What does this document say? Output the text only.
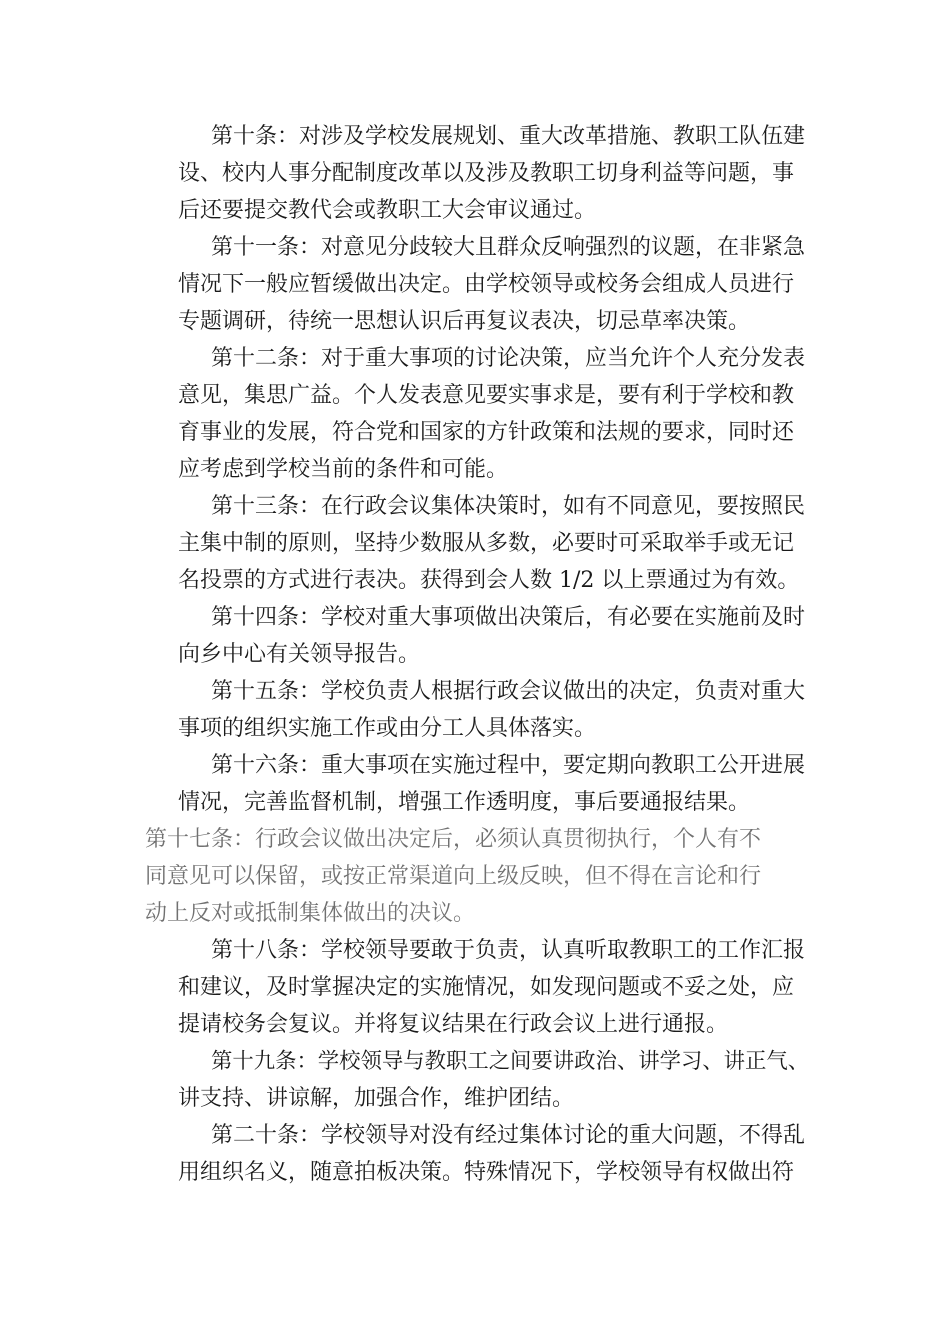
第十条：对涉及学校发展规划、重大改革措施、教职工队伍建
设、校内人事分配制度改革以及涉及教职工切身利益等问题，事
后还要提交教代会或教职工大会审议通过。
第十一条：对意见分歧较大且群众反响强烈的议题，在非紧急
情况下一般应暂缓做出决定。由学校领导或校务会组成人员进行
专题调研，待统一思想认识后再复议表决，切忌草率决策。
第十二条：对于重大事项的讨论决策，应当允许个人充分发表
意见，集思广益。个人发表意见要实事求是，要有利于学校和教
育事业的发展，符合党和国家的方针政策和法规的要求，同时还
应考虑到学校当前的条件和可能。
第十三条：在行政会议集体决策时，如有不同意见，要按照民
主集中制的原则，坚持少数服从多数，必要时可采取举手或无记
名投票的方式进行表决。获得到会人数 1/2 以上票通过为有效。
第十四条：学校对重大事项做出决策后，有必要在实施前及时
向乡中心有关领导报告。
第十五条：学校负责人根据行政会议做出的决定，负责对重大
事项的组织实施工作或由分工人具体落实。
第十六条：重大事项在实施过程中，要定期向教职工公开进展
情况，完善监督机制，增强工作透明度，事后要通报结果。
第十七条：行政会议做出决定后，必须认真贯彻执行，个人有不
同意见可以保留，或按正常渠道向上级反映，但不得在言论和行
动上反对或抵制集体做出的决议。
第十八条：学校领导要敢于负责，认真听取教职工的工作汇报
和建议，及时掌握决定的实施情况，如发现问题或不妥之处，应
提请校务会复议。并将复议结果在行政会议上进行通报。
第十九条：学校领导与教职工之间要讲政治、讲学习、讲正气、
讲支持、讲谅解，加强合作，维护团结。
第二十条：学校领导对没有经过集体讨论的重大问题，不得乱
用组织名义，随意拍板决策。特殊情况下，学校领导有权做出符
